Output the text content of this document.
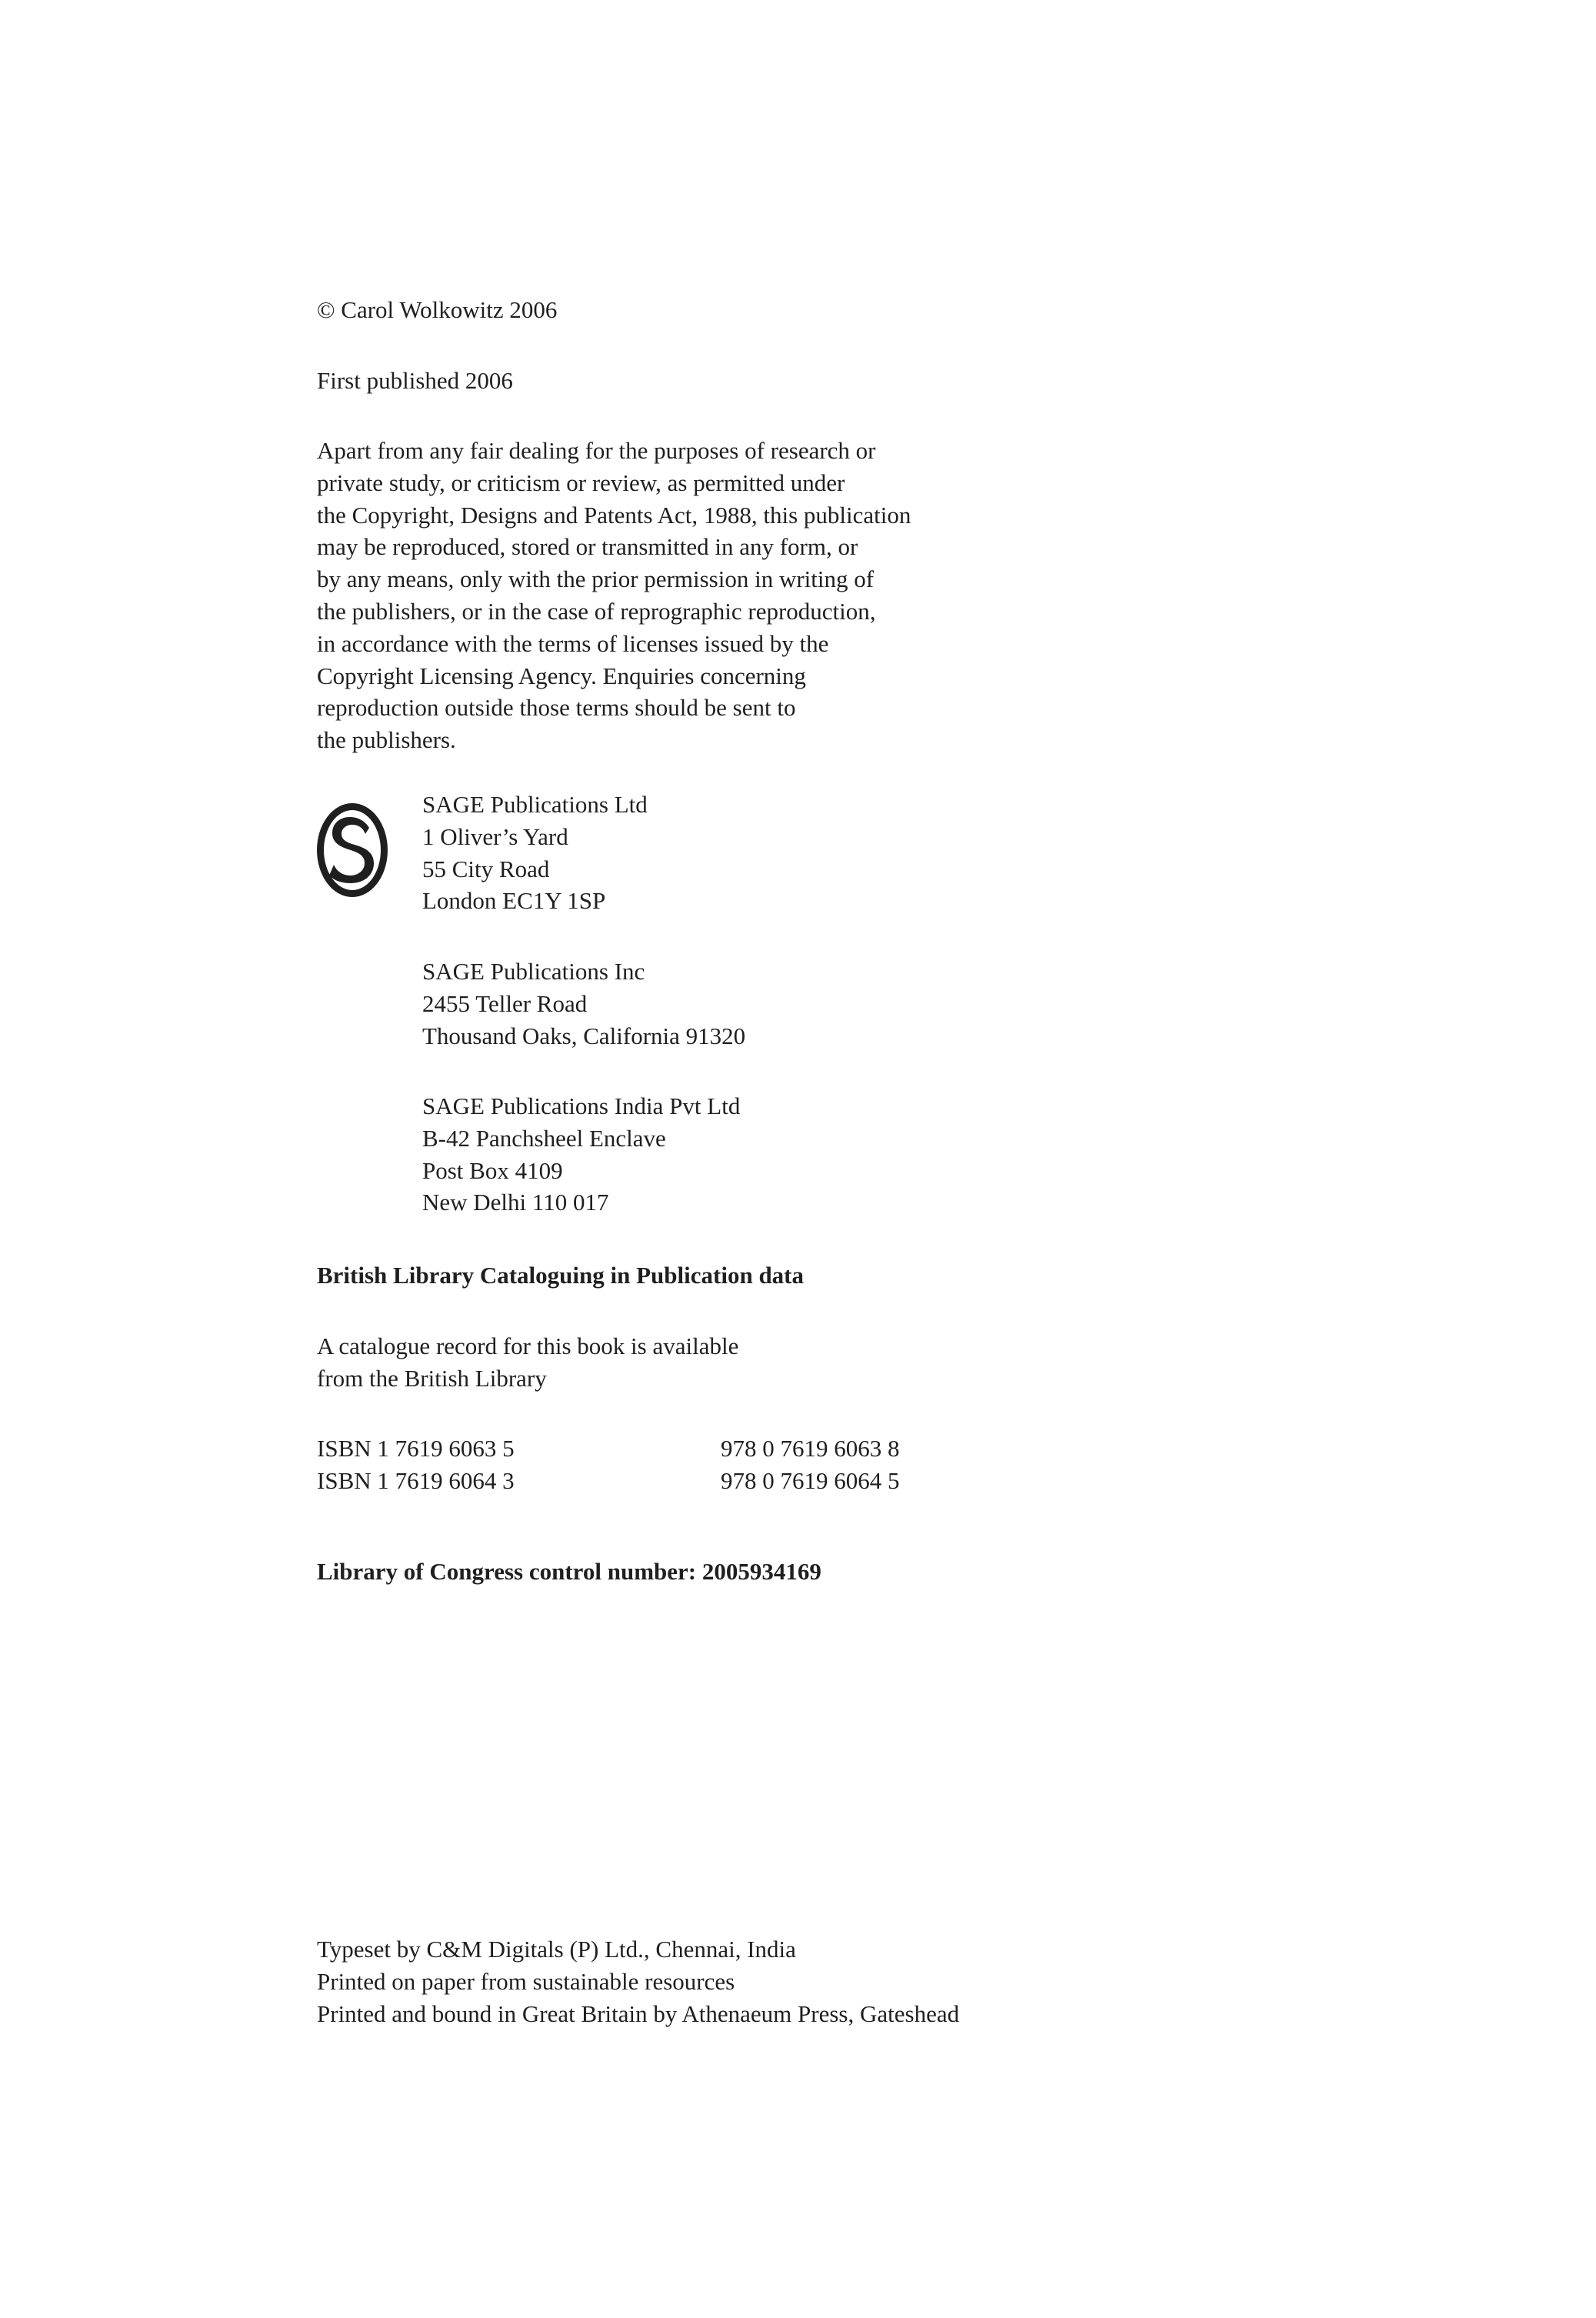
© Carol Wolkowitz 2006

First published 2006

Apart from any fair dealing for the purposes of research or
private study, or criticism or review, as permitted under
the Copyright, Designs and Patents Act, 1988, this publication
may be reproduced, stored or transmitted in any form, or
by any means, only with the prior permission in writing of
the publishers, or in the case of reprographic reproduction,
in accordance with the terms of licenses issued by the
Copyright Licensing Agency. Enquiries concerning
reproduction outside those terms should be sent to
the publishers.
SAGE Publications Ltd
1 Oliver’s Yard
55 City Road
London EC1Y 1SP
SAGE Publications Inc
2455 Teller Road
Thousand Oaks, California 91320
SAGE Publications India Pvt Ltd
B-42 Panchsheel Enclave
Post Box 4109
New Delhi 110 017

British Library Cataloguing in Publication data

A catalogue record for this book is available
from the British Library
ISBN 1 7619 6063 5
ISBN 1 7619 6064 3
978 0 7619 6063 8
978 0 7619 6064 5

Library of Congress control number: 2005934169

Typeset by C&M Digitals (P) Ltd., Chennai, India
Printed on paper from sustainable resources
Printed and bound in Great Britain by Athenaeum Press, Gateshead
